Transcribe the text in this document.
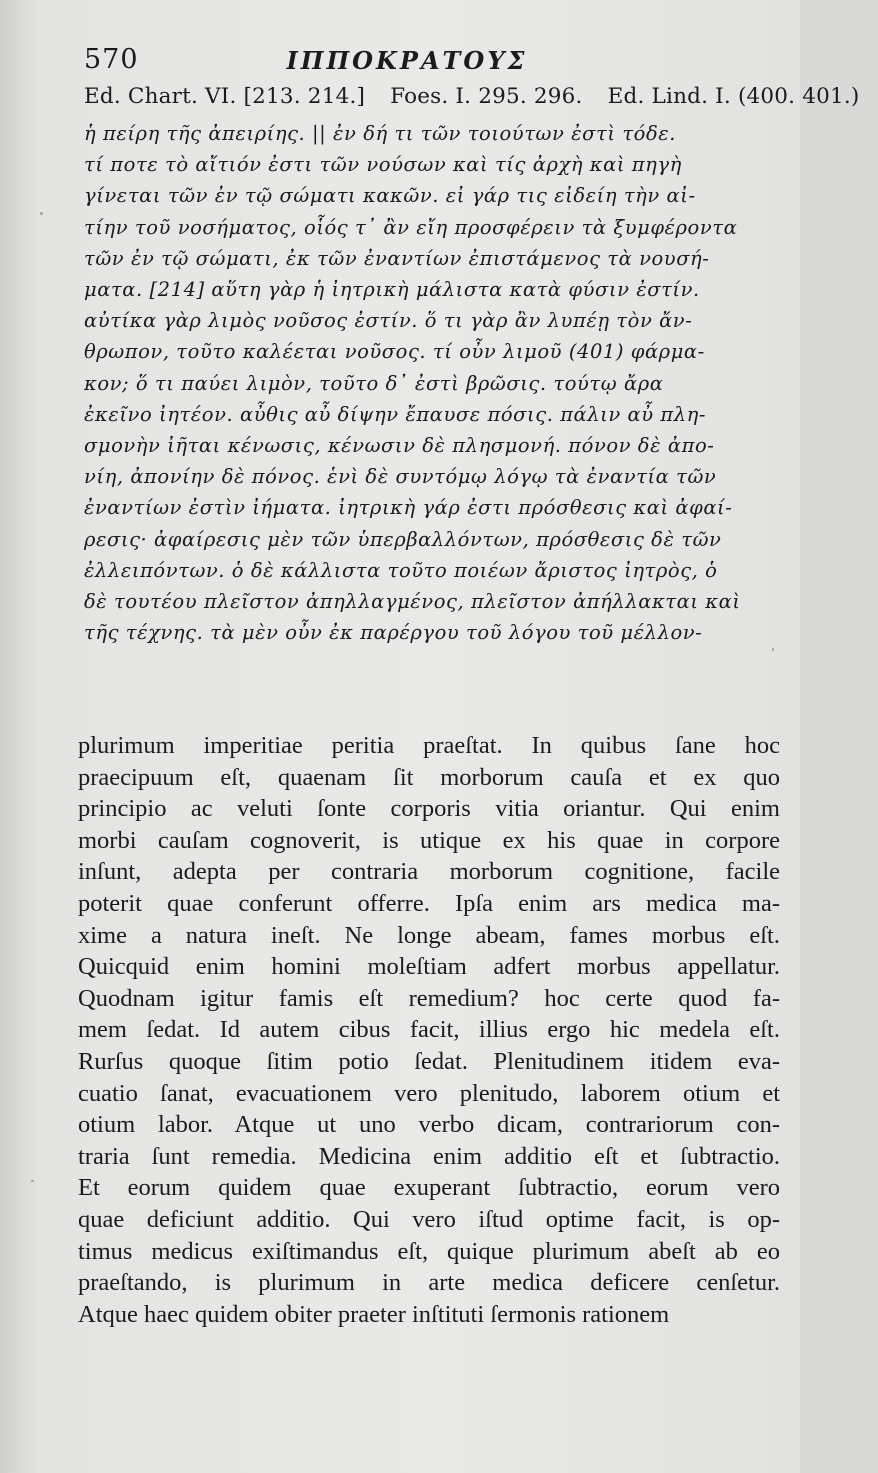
570	ΙΠΠΟΚΡΑΤΟΥΣ
Ed. Chart. VI. [213. 214.] Foes. I. 295. 296. Ed. Lind. I. (400. 401.)
ἡ πείρη τῆς ἀπειρίης. || ἐν δή τι τῶν τοιούτων ἐστὶ τόδε.
τί ποτε τὸ αἴτιόν ἐστι τῶν νούσων καὶ τίς ἀρχὴ καὶ πηγὴ
γίνεται τῶν ἐν τῷ σώματι κακῶν. εἰ γάρ τις εἰδείη τὴν αἰ-
τίην τοῦ νοσήματος, οἷός τ᾽ ἂν εἴη προσφέρειν τὰ ξυμφέροντα
τῶν ἐν τῷ σώματι, ἐκ τῶν ἐναντίων ἐπιστάμενος τὰ νουσή-
ματα. [214] αὕτη γὰρ ἡ ἰητρικὴ μάλιστα κατὰ φύσιν ἐστίν.
αὐτίκα γὰρ λιμὸς νοῦσος ἐστίν. ὅ τι γὰρ ἂν λυπέῃ τὸν ἄν-
θρωπον, τοῦτο καλέεται νοῦσος. τί οὖν λιμοῦ (401) φάρμα-
κον; ὅ τι παύει λιμὸν, τοῦτο δ᾽ ἐστὶ βρῶσις. τούτῳ ἄρα
ἐκεῖνο ἰητέον. αὖθις αὖ δίψην ἔπαυσε πόσις. πάλιν αὖ πλη-
σμονὴν ἰῆται κένωσις, κένωσιν δὲ πλησμονή. πόνον δὲ ἀπο-
νίη, ἀπονίην δὲ πόνος. ἑνὶ δὲ συντόμῳ λόγῳ τὰ ἐναντία τῶν
ἐναντίων ἐστὶν ἰήματα. ἰητρικὴ γάρ ἐστι πρόσθεσις καὶ ἀφαί-
ρεσις· ἀφαίρεσις μὲν τῶν ὑπερβαλλόντων, πρόσθεσις δὲ τῶν
ἐλλειπόντων. ὁ δὲ κάλλιστα τοῦτο ποιέων ἄριστος ἰητρὸς, ὁ
δὲ τουτέου πλεῖστον ἀπηλλαγμένος, πλεῖστον ἀπήλλακται καὶ
τῆς τέχνης. τὰ μὲν οὖν ἐκ παρέργου τοῦ λόγου τοῦ μέλλον-
plurimum imperitiae peritia praeſtat. In quibus ſane hoc
praecipuum eſt, quaenam ſit morborum cauſa et ex quo
principio ac veluti ſonte corporis vitia oriantur. Qui enim
morbi cauſam cognoverit, is utique ex his quae in corpore
inſunt, adepta per contraria morborum cognitione, facile
poterit quae conferunt offerre. Ipſa enim ars medica ma-
xime a natura ineſt. Ne longe abeam, fames morbus eſt.
Quicquid enim homini moleſtiam adfert morbus appellatur.
Quodnam igitur famis eſt remedium? hoc certe quod fa-
mem ſedat. Id autem cibus facit, illius ergo hic medela eſt.
Rurſus quoque ſitim potio ſedat. Plenitudinem itidem eva-
cuatio ſanat, evacuationem vero plenitudo, laborem otium et
otium labor. Atque ut uno verbo dicam, contrariorum con-
traria ſunt remedia. Medicina enim additio eſt et ſubtractio.
Et eorum quidem quae exuperant ſubtractio, eorum vero
quae deficiunt additio. Qui vero iſtud optime facit, is op-
timus medicus exiſtimandus eſt, quique plurimum abeſt ab eo
praeſtando, is plurimum in arte medica deficere cenſetur.
Atque haec quidem obiter praeter inſtituti ſermonis rationem
